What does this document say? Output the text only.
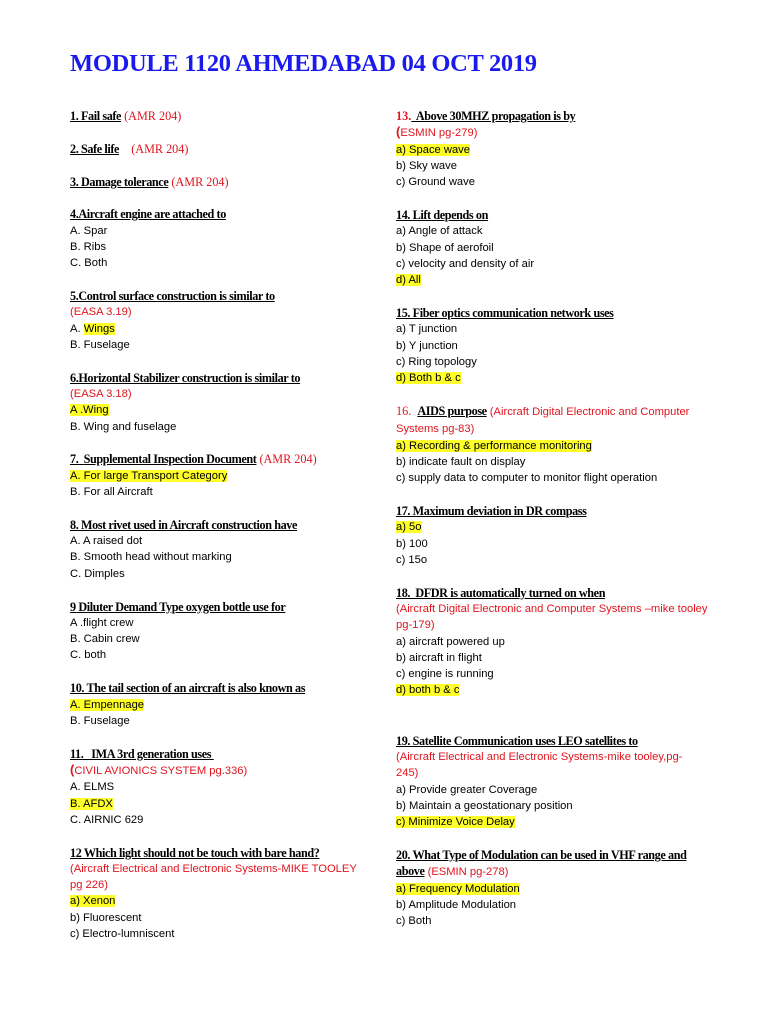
MODULE 1120 AHMEDABAD 04 OCT 2019
1. Fail safe (AMR 204)
2. Safe life    (AMR 204)
3. Damage tolerance (AMR 204)
4.Aircraft engine are attached to
A. Spar
B. Ribs
C. Both
5.Control surface construction is similar to
(EASA 3.19)
A. Wings
B. Fuselage
6.Horizontal Stabilizer construction is similar to
(EASA 3.18)
A .Wing
B. Wing and fuselage
7.  Supplemental Inspection Document (AMR 204)
A. For large Transport Category
B. For all Aircraft
8. Most rivet used in Aircraft construction have
A. A raised dot
B. Smooth head without marking
C. Dimples
9 Diluter Demand Type oxygen bottle use for
A .flight crew
B. Cabin crew
C. both
10. The tail section of an aircraft is also known as
A. Empennage
B. Fuselage
11.   IMA 3rd generation uses
(CIVIL AVIONICS SYSTEM pg.336)
A. ELMS
B. AFDX
C. AIRNIC 629
12 Which light should not be touch with bare hand?
(Aircraft Electrical and Electronic Systems-MIKE TOOLEY pg 226)
a) Xenon
b) Fluorescent
c) Electro-lumniscent
13.  Above 30MHZ propagation is by
(ESMIN pg-279)
a) Space wave
b) Sky wave
c) Ground wave
14. Lift depends on
a) Angle of attack
b) Shape of aerofoil
c) velocity and density of air
d) All
15. Fiber optics communication network uses
a) T junction
b) Y junction
c) Ring topology
d) Both b & c
16.  AIDS purpose (Aircraft Digital Electronic and Computer Systems pg-83)
a) Recording & performance monitoring
b) indicate fault on display
c) supply data to computer to monitor flight operation
17. Maximum deviation in DR compass
a) 5o
b) 100
c) 15o
18.  DFDR is automatically turned on when
(Aircraft Digital Electronic and Computer Systems –mike tooley pg-179)
a) aircraft powered up
b) aircraft in flight
c) engine is running
d) both b & c
19. Satellite Communication uses LEO satellites to
(Aircraft Electrical and Electronic Systems-mike tooley,pg-245)
a) Provide greater Coverage
b) Maintain a geostationary position
c) Minimize Voice Delay
20. What Type of Modulation can be used in VHF range and above (ESMIN pg-278)
a) Frequency Modulation
b) Amplitude Modulation
c) Both
